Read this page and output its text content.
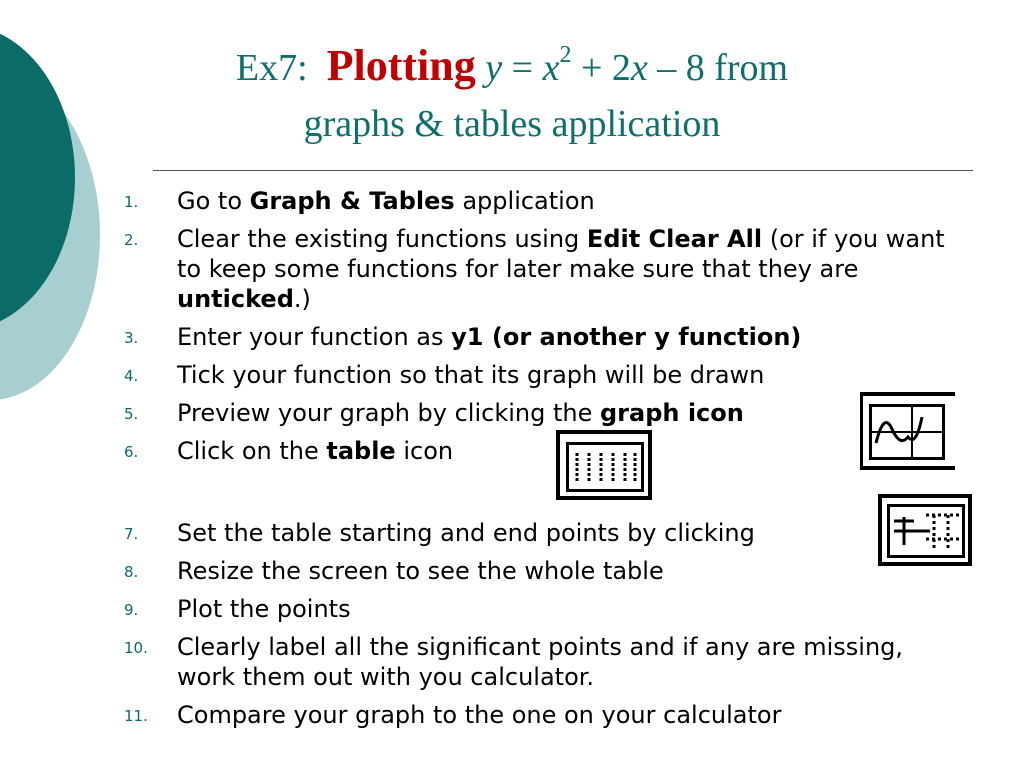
Ex7: Plotting $y = x^2 + 2x - 8$ from
graphs & tables application
1. Go to Graph & Tables application
2. Clear the existing functions using Edit Clear All (or if you want to keep some functions for later make sure that they are unticked.)
3. Enter your function as y1 (or another y function)
4. Tick your function so that its graph will be drawn
5. Preview your graph by clicking the graph icon
6. Click on the table icon
7. Set the table starting and end points by clicking
8. Resize the screen to see the whole table
9. Plot the points
10. Clearly label all the significant points and if any are missing, work them out with you calculator.
11. Compare your graph to the one on your calculator
